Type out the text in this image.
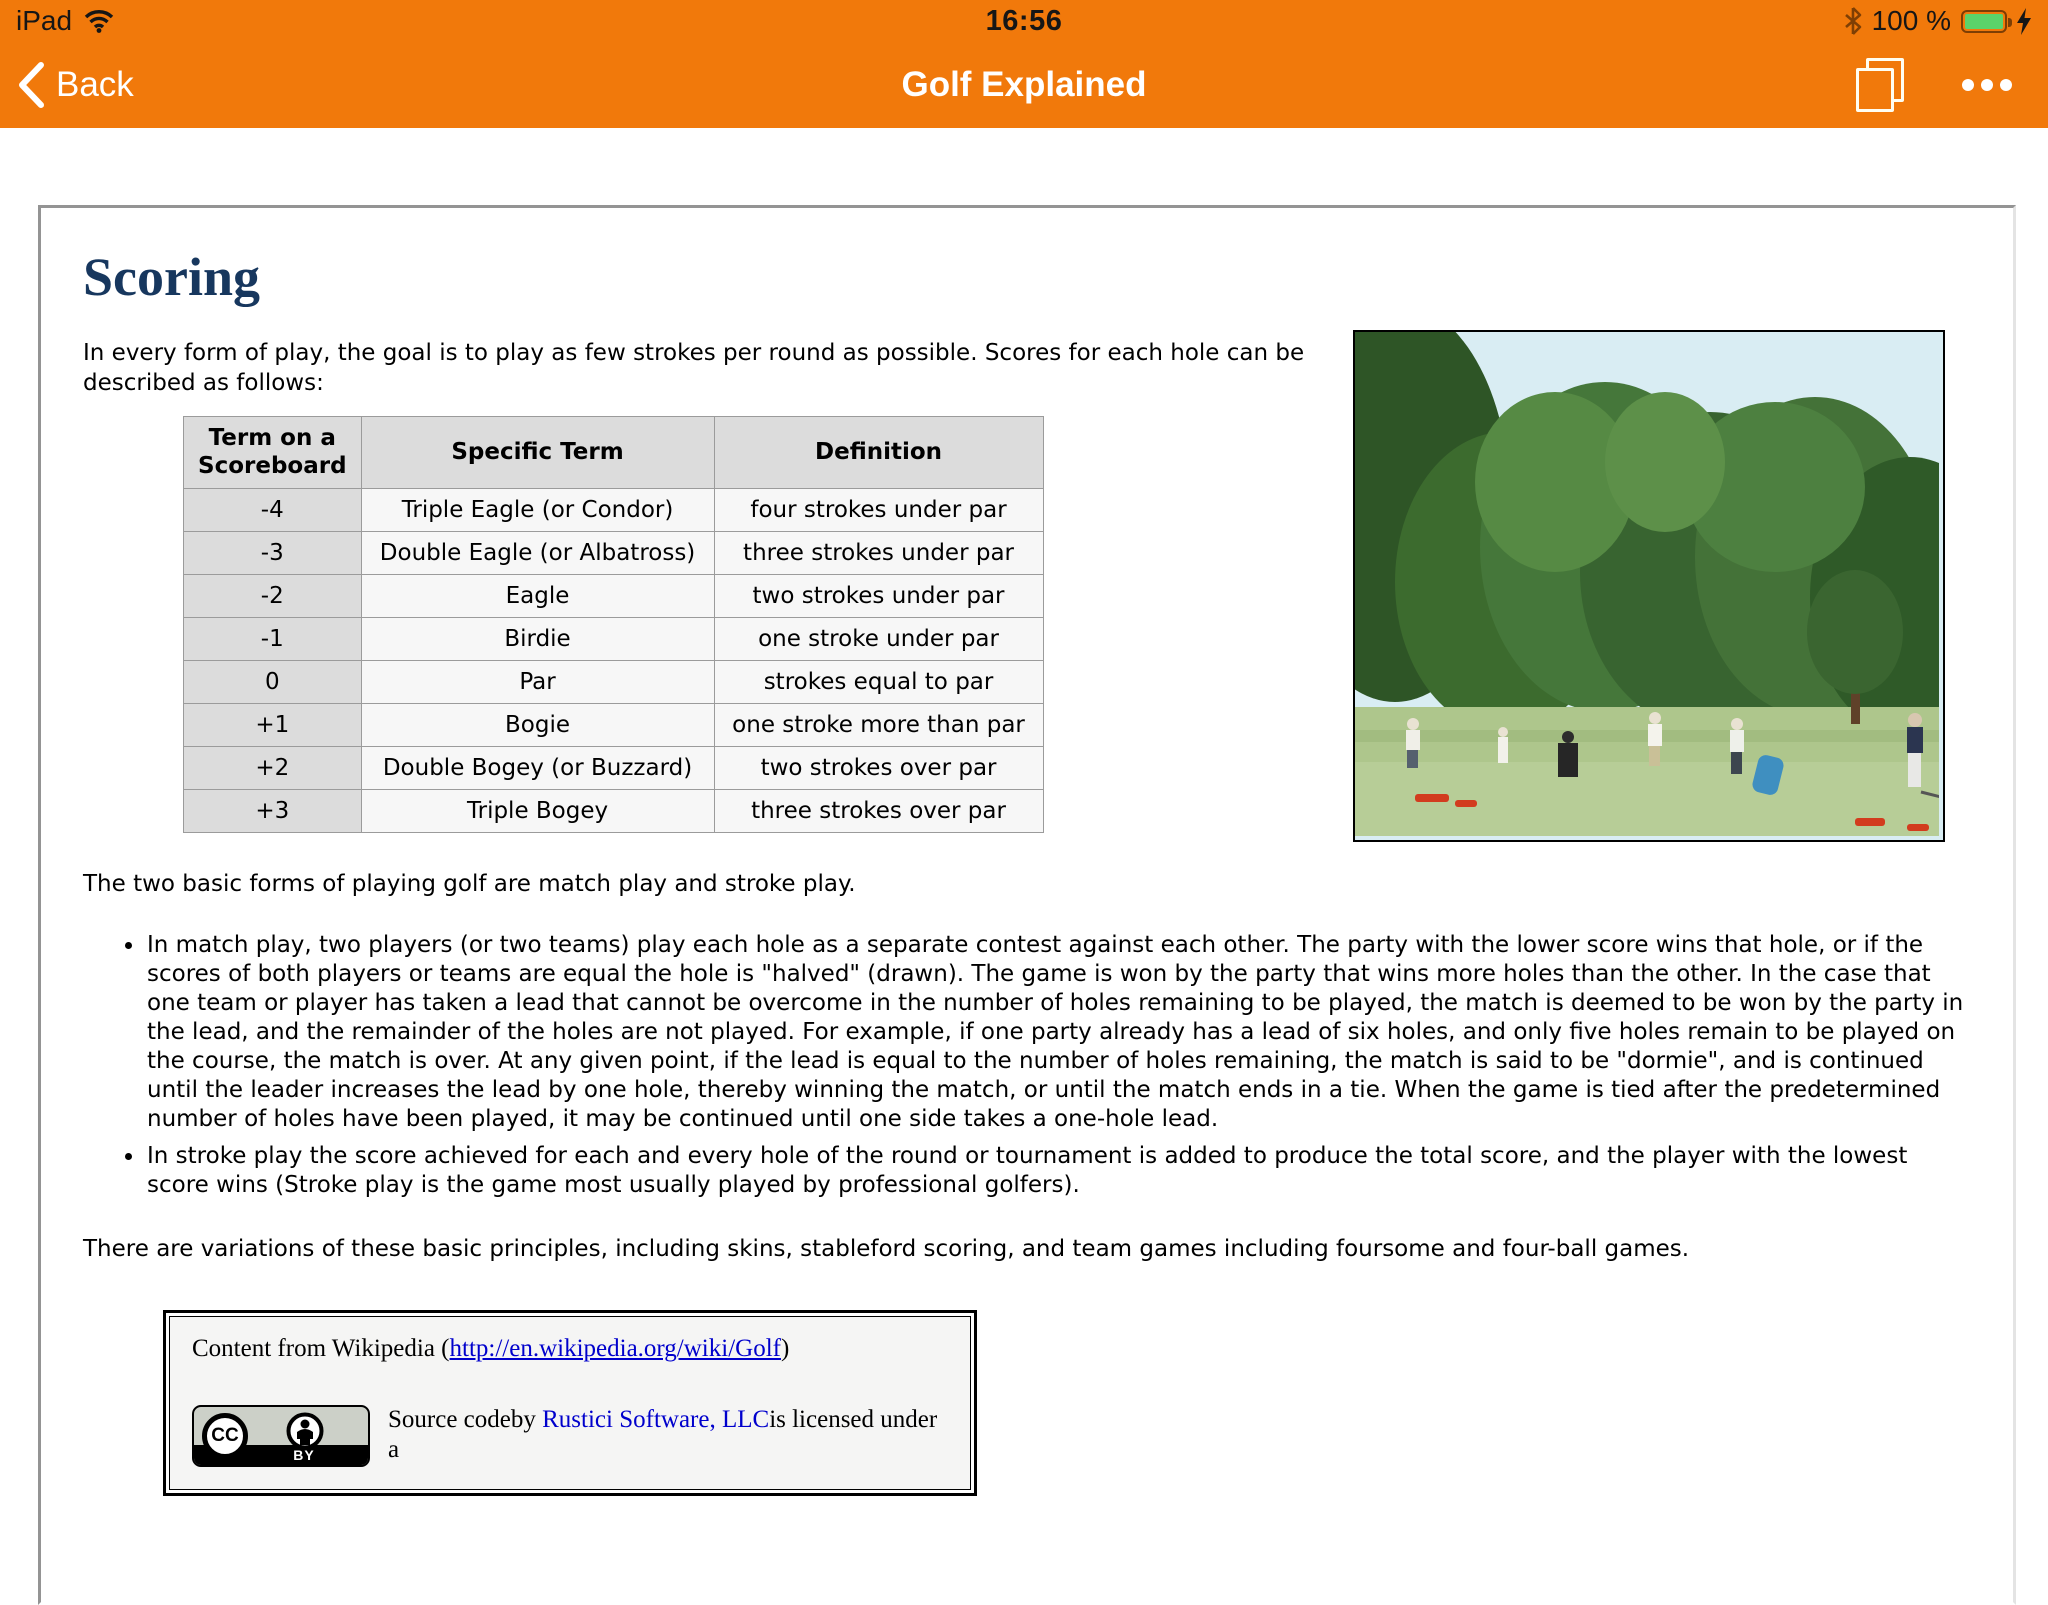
iPad	16:56	100 %
Back	Golf Explained
Scoring

In every form of play, the goal is to play as few strokes per round as possible. Scores for each hole can be described as follows:

Term on a Scoreboard	Specific Term	Definition
-4	Triple Eagle (or Condor)	four strokes under par
-3	Double Eagle (or Albatross)	three strokes under par
-2	Eagle	two strokes under par
-1	Birdie	one stroke under par
0	Par	strokes equal to par
+1	Bogie	one stroke more than par
+2	Double Bogey (or Buzzard)	two strokes over par
+3	Triple Bogey	three strokes over par

The two basic forms of playing golf are match play and stroke play.

• In match play, two players (or two teams) play each hole as a separate contest against each other. The party with the lower score wins that hole, or if the scores of both players or teams are equal the hole is "halved" (drawn). The game is won by the party that wins more holes than the other. In the case that one team or player has taken a lead that cannot be overcome in the number of holes remaining to be played, the match is deemed to be won by the party in the lead, and the remainder of the holes are not played. For example, if one party already has a lead of six holes, and only five holes remain to be played on the course, the match is over. At any given point, if the lead is equal to the number of holes remaining, the match is said to be "dormie", and is continued until the leader increases the lead by one hole, thereby winning the match, or until the match ends in a tie. When the game is tied after the predetermined number of holes have been played, it may be continued until one side takes a one-hole lead.
• In stroke play the score achieved for each and every hole of the round or tournament is added to produce the total score, and the player with the lowest score wins (Stroke play is the game most usually played by professional golfers).

There are variations of these basic principles, including skins, stableford scoring, and team games including foursome and four-ball games.

Content from Wikipedia (http://en.wikipedia.org/wiki/Golf)

CC
BY
Source codeby Rustici Software, LLCis licensed under a
